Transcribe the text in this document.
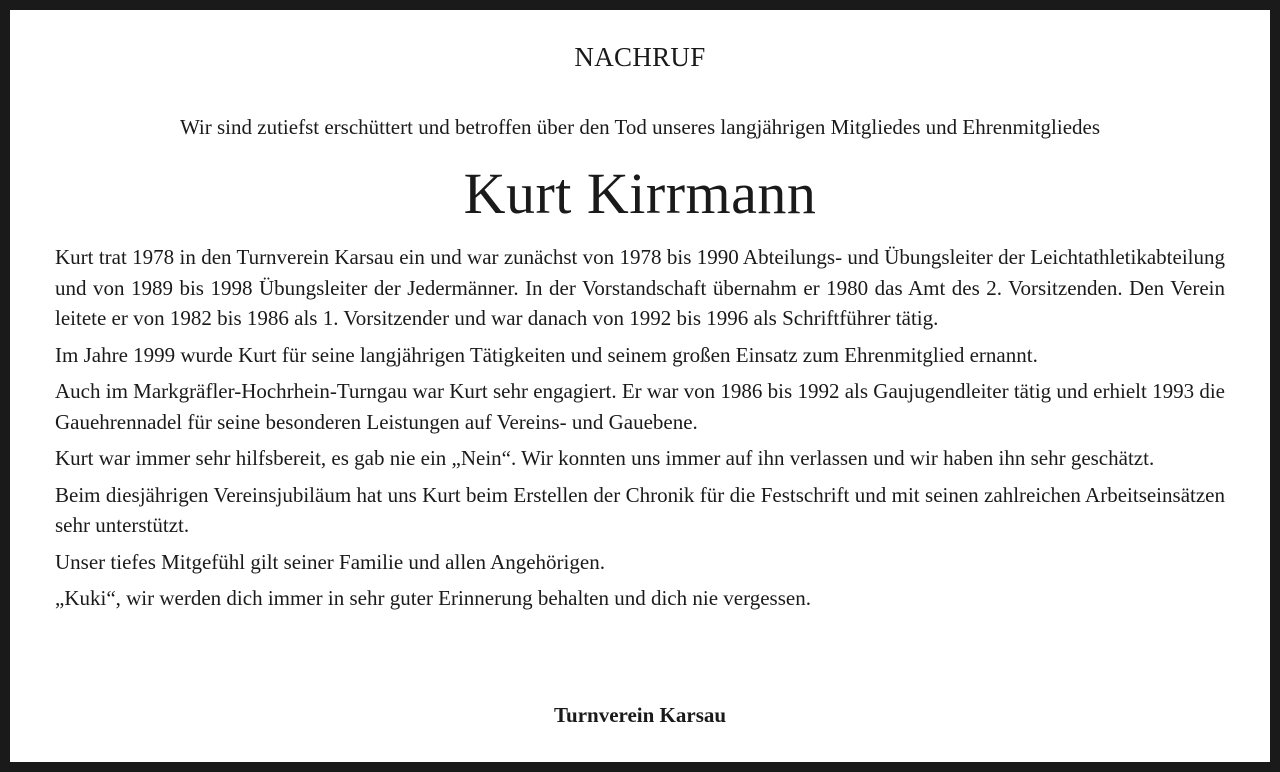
NACHRUF
Wir sind zutiefst erschüttert und betroffen über den Tod unseres langjährigen Mitgliedes und Ehrenmitgliedes
Kurt Kirrmann

Kurt trat 1978 in den Turnverein Karsau ein und war zunächst von 1978 bis 1990 Abteilungs- und Übungsleiter der Leichtathletikabteilung und von 1989 bis 1998 Übungsleiter der Jedermänner. In der Vorstandschaft übernahm er 1980 das Amt des 2. Vorsitzenden. Den Verein leitete er von 1982 bis 1986 als 1. Vorsitzender und war danach von 1992 bis 1996 als Schriftführer tätig.

Im Jahre 1999 wurde Kurt für seine langjährigen Tätigkeiten und seinem großen Einsatz zum Ehrenmitglied ernannt.

Auch im Markgräfler-Hochrhein-Turngau war Kurt sehr engagiert. Er war von 1986 bis 1992 als Gaujugendleiter tätig und erhielt 1993 die Gauehrennadel für seine besonderen Leistungen auf Vereins- und Gauebene.

Kurt war immer sehr hilfsbereit, es gab nie ein „Nein“. Wir konnten uns immer auf ihn verlassen und wir haben ihn sehr geschätzt.

Beim diesjährigen Vereinsjubiläum hat uns Kurt beim Erstellen der Chronik für die Festschrift und mit seinen zahlreichen Arbeitseinsätzen sehr unterstützt.

Unser tiefes Mitgefühl gilt seiner Familie und allen Angehörigen.

„Kuki“, wir werden dich immer in sehr guter Erinnerung behalten und dich nie vergessen.

Turnverein Karsau
